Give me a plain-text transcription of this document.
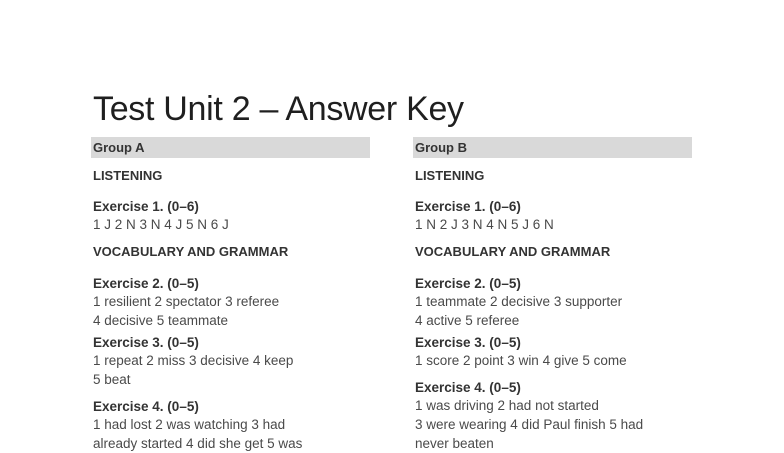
Test Unit 2 – Answer Key
Group A
LISTENING
Exercise 1. (0–6)
1 J 2 N 3 N 4 J 5 N 6 J
VOCABULARY AND GRAMMAR
Exercise 2. (0–5)
1 resilient 2 spectator 3 referee
4 decisive 5 teammate
Exercise 3. (0–5)
1 repeat 2 miss 3 decisive 4 keep
5 beat
Exercise 4. (0–5)
1 had lost 2 was watching 3 had
already started 4 did she get 5 was
Group B
LISTENING
Exercise 1. (0–6)
1 N 2 J 3 N 4 N 5 J 6 N
VOCABULARY AND GRAMMAR
Exercise 2. (0–5)
1 teammate 2 decisive 3 supporter
4 active 5 referee
Exercise 3. (0–5)
1 score 2 point 3 win 4 give 5 come
Exercise 4. (0–5)
1 was driving 2 had not started
3 were wearing 4 did Paul finish 5 had
never beaten
